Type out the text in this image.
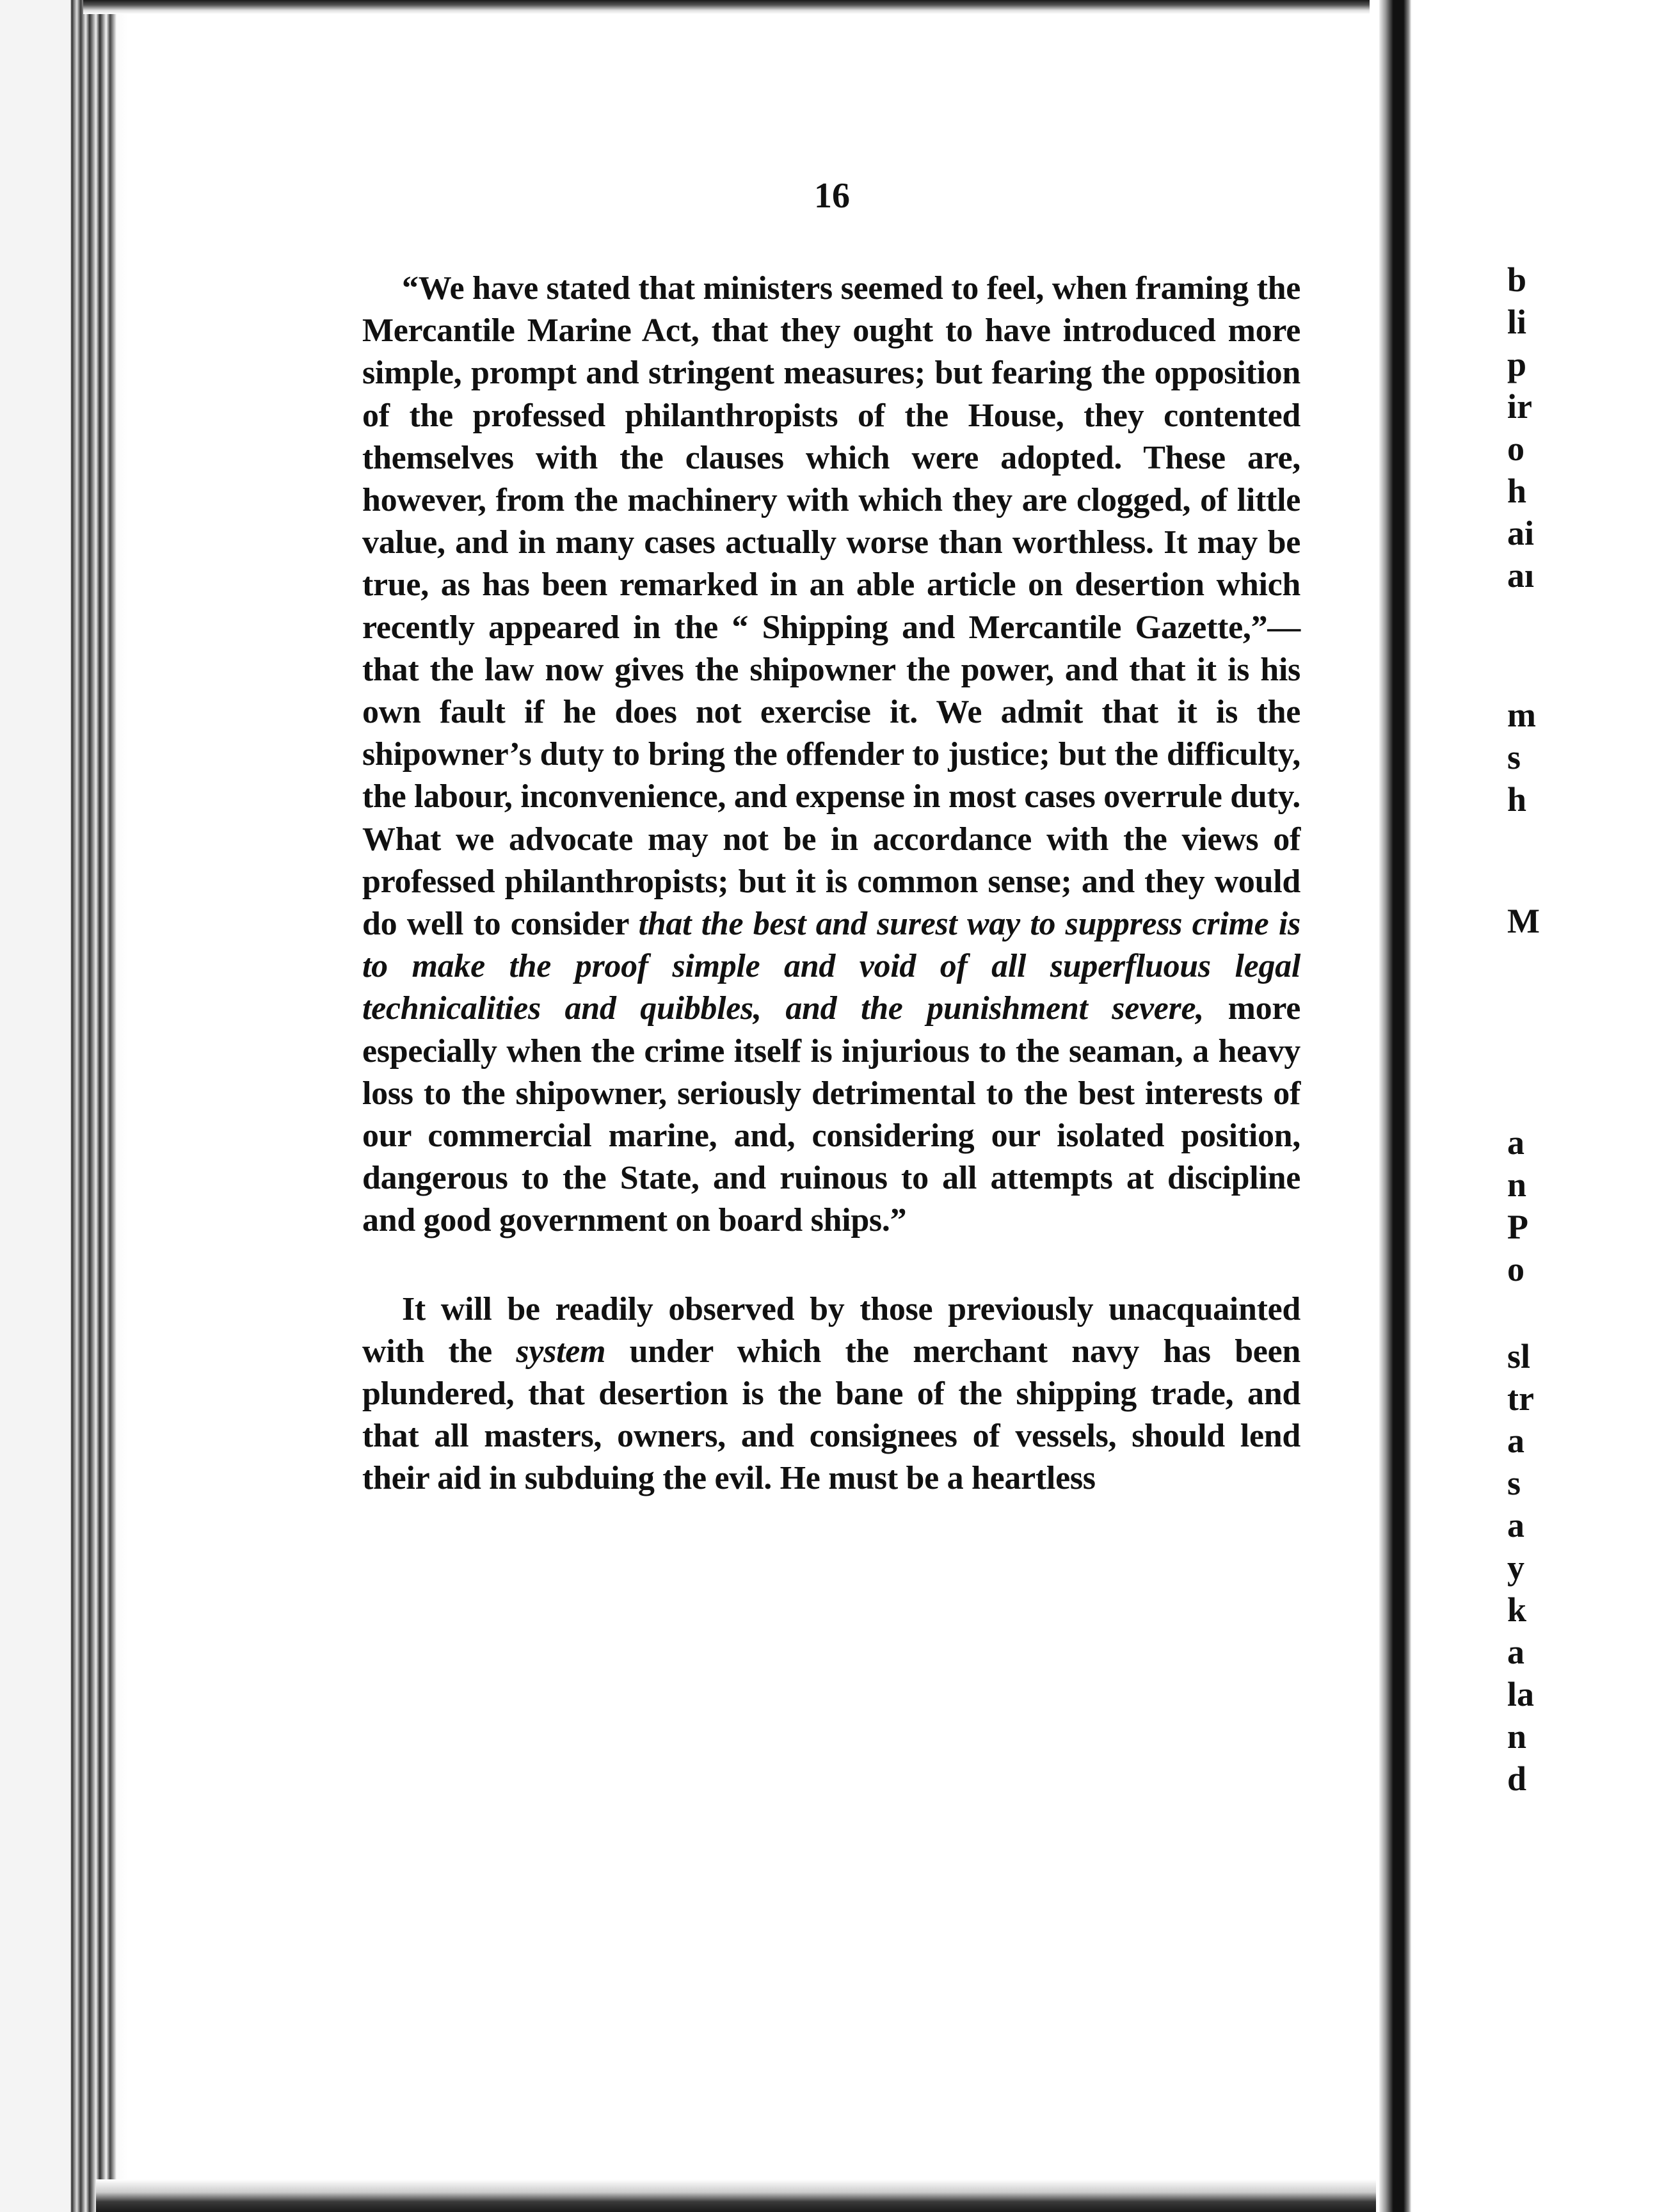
16

“We have stated that ministers seemed to feel, when framing the Mercantile Marine Act, that they ought to have introduced more simple, prompt and stringent measures; but fearing the opposition of the professed philanthropists of the House, they contented themselves with the clauses which were adopted. These are, however, from the machinery with which they are clogged, of little value, and in many cases actually worse than worthless. It may be true, as has been remarked in an able article on desertion which recently appeared in the “ Shipping and Mercantile Gazette,”—that the law now gives the shipowner the power, and that it is his own fault if he does not exercise it. We admit that it is the shipowner’s duty to bring the offender to justice; but the difficulty, the labour, inconvenience, and expense in most cases overrule duty. What we advocate may not be in accordance with the views of professed philanthropists; but it is common sense; and they would do well to consider that the best and surest way to suppress crime is to make the proof simple and void of all superfluous legal technicalities and quibbles, and the punishment severe, more especially when the crime itself is injurious to the seaman, a heavy loss to the shipowner, seriously detrimental to the best interests of our commercial marine, and, considering our isolated position, dangerous to the State, and ruinous to all attempts at discipline and good government on board ships.”

It will be readily observed by those previously unacquainted with the system under which the merchant navy has been plundered, that desertion is the bane of the shipping trade, and that all masters, owners, and consignees of vessels, should lend their aid in subduing the evil. He must be a heartless

b
li
p
ir
o
h
ai
aı
m
s
h
M
a
n
P
o
sl
tr
a
s
a
y
k
a
la
n
d
